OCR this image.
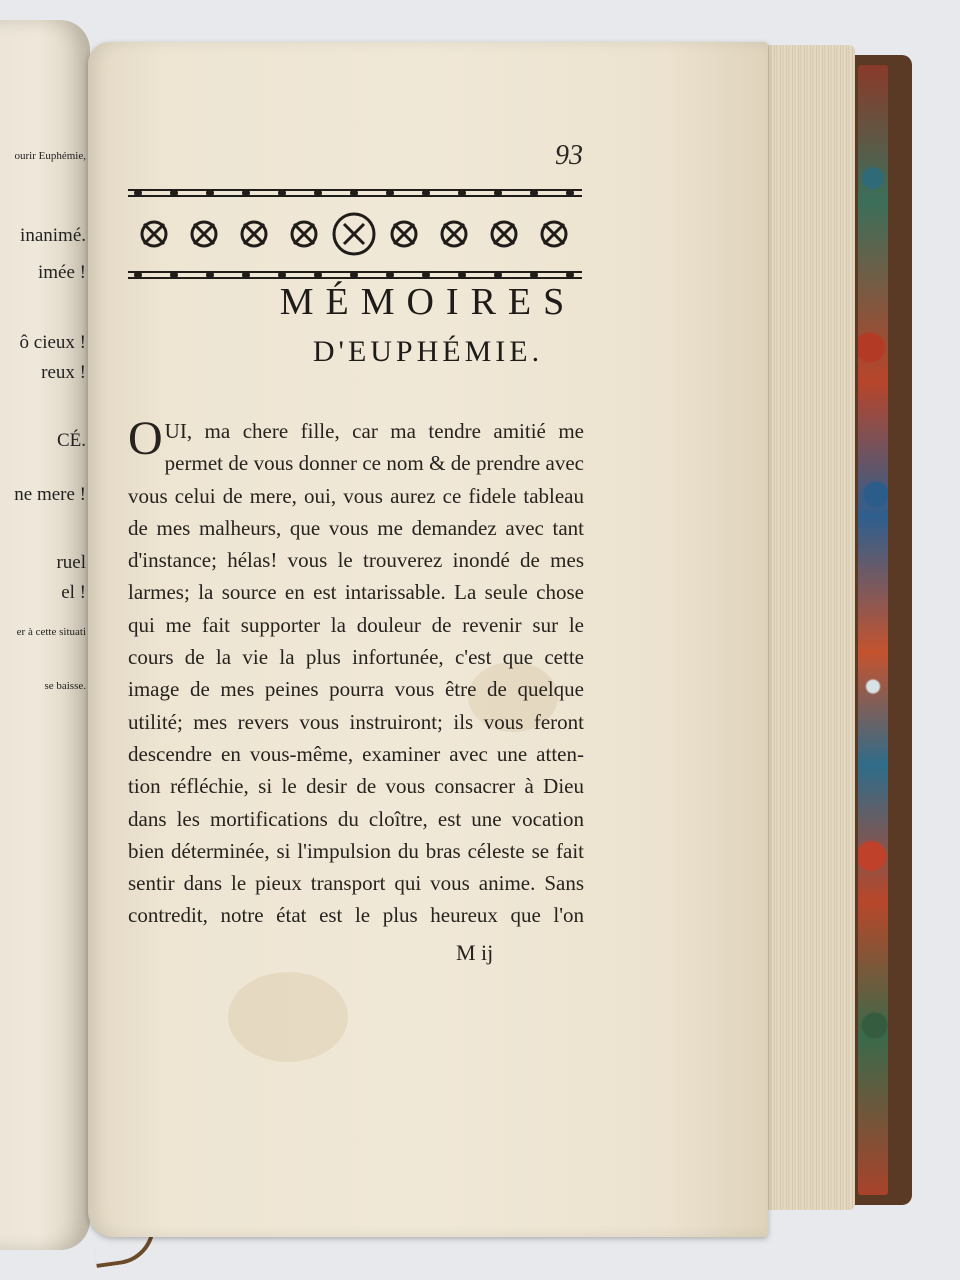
ourir Euphémie,
inanimé.
imée !
ô cieux !
reux !
CÉ.
ne mere !
ruel
el !
er à cette situati
se baisse.
93
MÉMOIRES
D'EUPHÉMIE.
O UI, ma chere fille, car ma tendre amitié me
permet de vous donner ce nom & de prendre avec
vous celui de mere, oui, vous aurez ce fidele tableau
de mes malheurs, que vous me demandez avec tant
d'instance; hélas! vous le trouverez inondé de mes
larmes; la source en est intarissable. La seule chose
qui me fait supporter la douleur de revenir sur le
cours de la vie la plus infortunée, c'est que cette
image de mes peines pourra vous être de quelque
utilité; mes revers vous instruiront; ils vous feront
descendre en vous-même, examiner avec une atten-
tion réfléchie, si le desir de vous consacrer à Dieu
dans les mortifications du cloître, est une vocation
bien déterminée, si l'impulsion du bras céleste se fait
sentir dans le pieux transport qui vous anime. Sans
contredit, notre état est le plus heureux que l'on
M ij
